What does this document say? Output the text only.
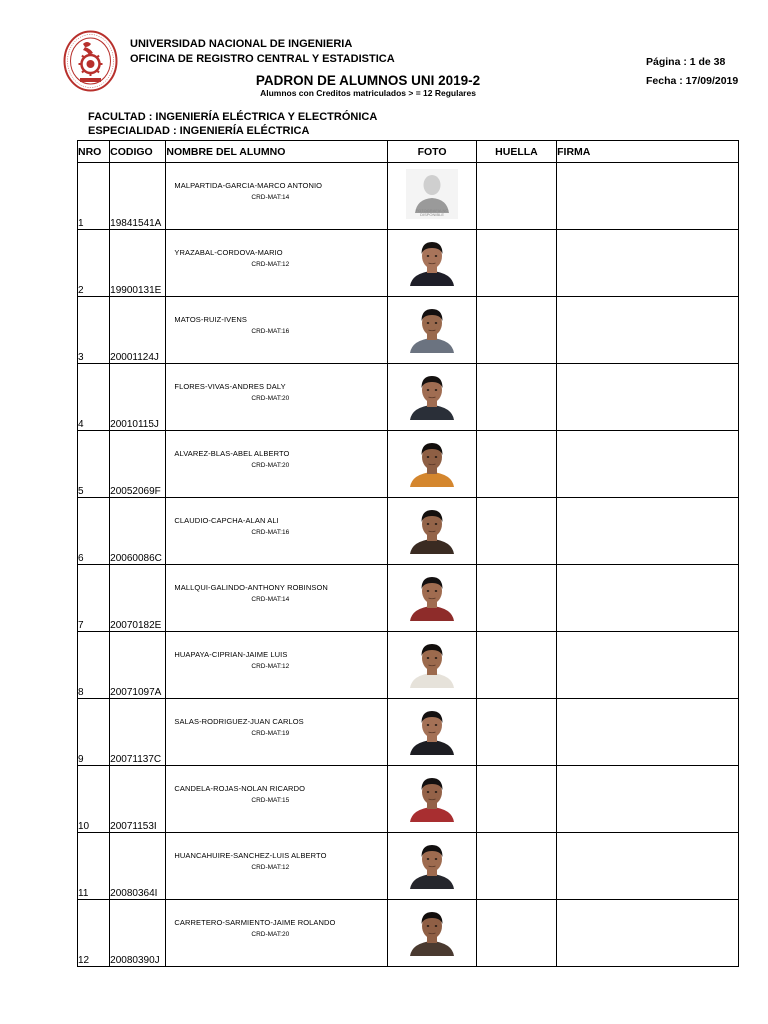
UNIVERSIDAD NACIONAL DE INGENIERIA
OFICINA DE REGISTRO CENTRAL Y ESTADISTICA
PADRON DE ALUMNOS UNI 2019-2
Alumnos con Creditos matriculados > = 12 Regulares
Página : 1 de 38
Fecha : 17/09/2019
FACULTAD : INGENIERÍA ELÉCTRICA Y ELECTRÓNICA
ESPECIALIDAD : INGENIERÍA ELÉCTRICA
NRO	CODIGO	NOMBRE DEL ALUMNO	FOTO	HUELLA	FIRMA
1	19841541A	MALPARTIDA-GARCIA-MARCO ANTONIO
CRD-MAT:14	FOTOGRAFIA NO DISPONIBLE		

2	19900131E	YRAZABAL-CORDOVA-MARIO
CRD-MAT:12

3	20001124J	MATOS-RUIZ-IVENS
CRD-MAT:16

4	20010115J	FLORES-VIVAS-ANDRES DALY
CRD-MAT:20

5	20052069F	ALVAREZ-BLAS-ABEL ALBERTO
CRD-MAT:20

6	20060086C	CLAUDIO-CAPCHA-ALAN ALI
CRD-MAT:16

7	20070182E	MALLQUI-GALINDO-ANTHONY ROBINSON
CRD-MAT:14

8	20071097A	HUAPAYA-CIPRIAN-JAIME LUIS
CRD-MAT:12

9	20071137C	SALAS-RODRIGUEZ-JUAN CARLOS
CRD-MAT:19

10	20071153I	CANDELA-ROJAS-NOLAN RICARDO
CRD-MAT:15

11	20080364I	HUANCAHUIRE-SANCHEZ-LUIS ALBERTO
CRD-MAT:12

12	20080390J	CARRETERO-SARMIENTO-JAIME ROLANDO
CRD-MAT:20
